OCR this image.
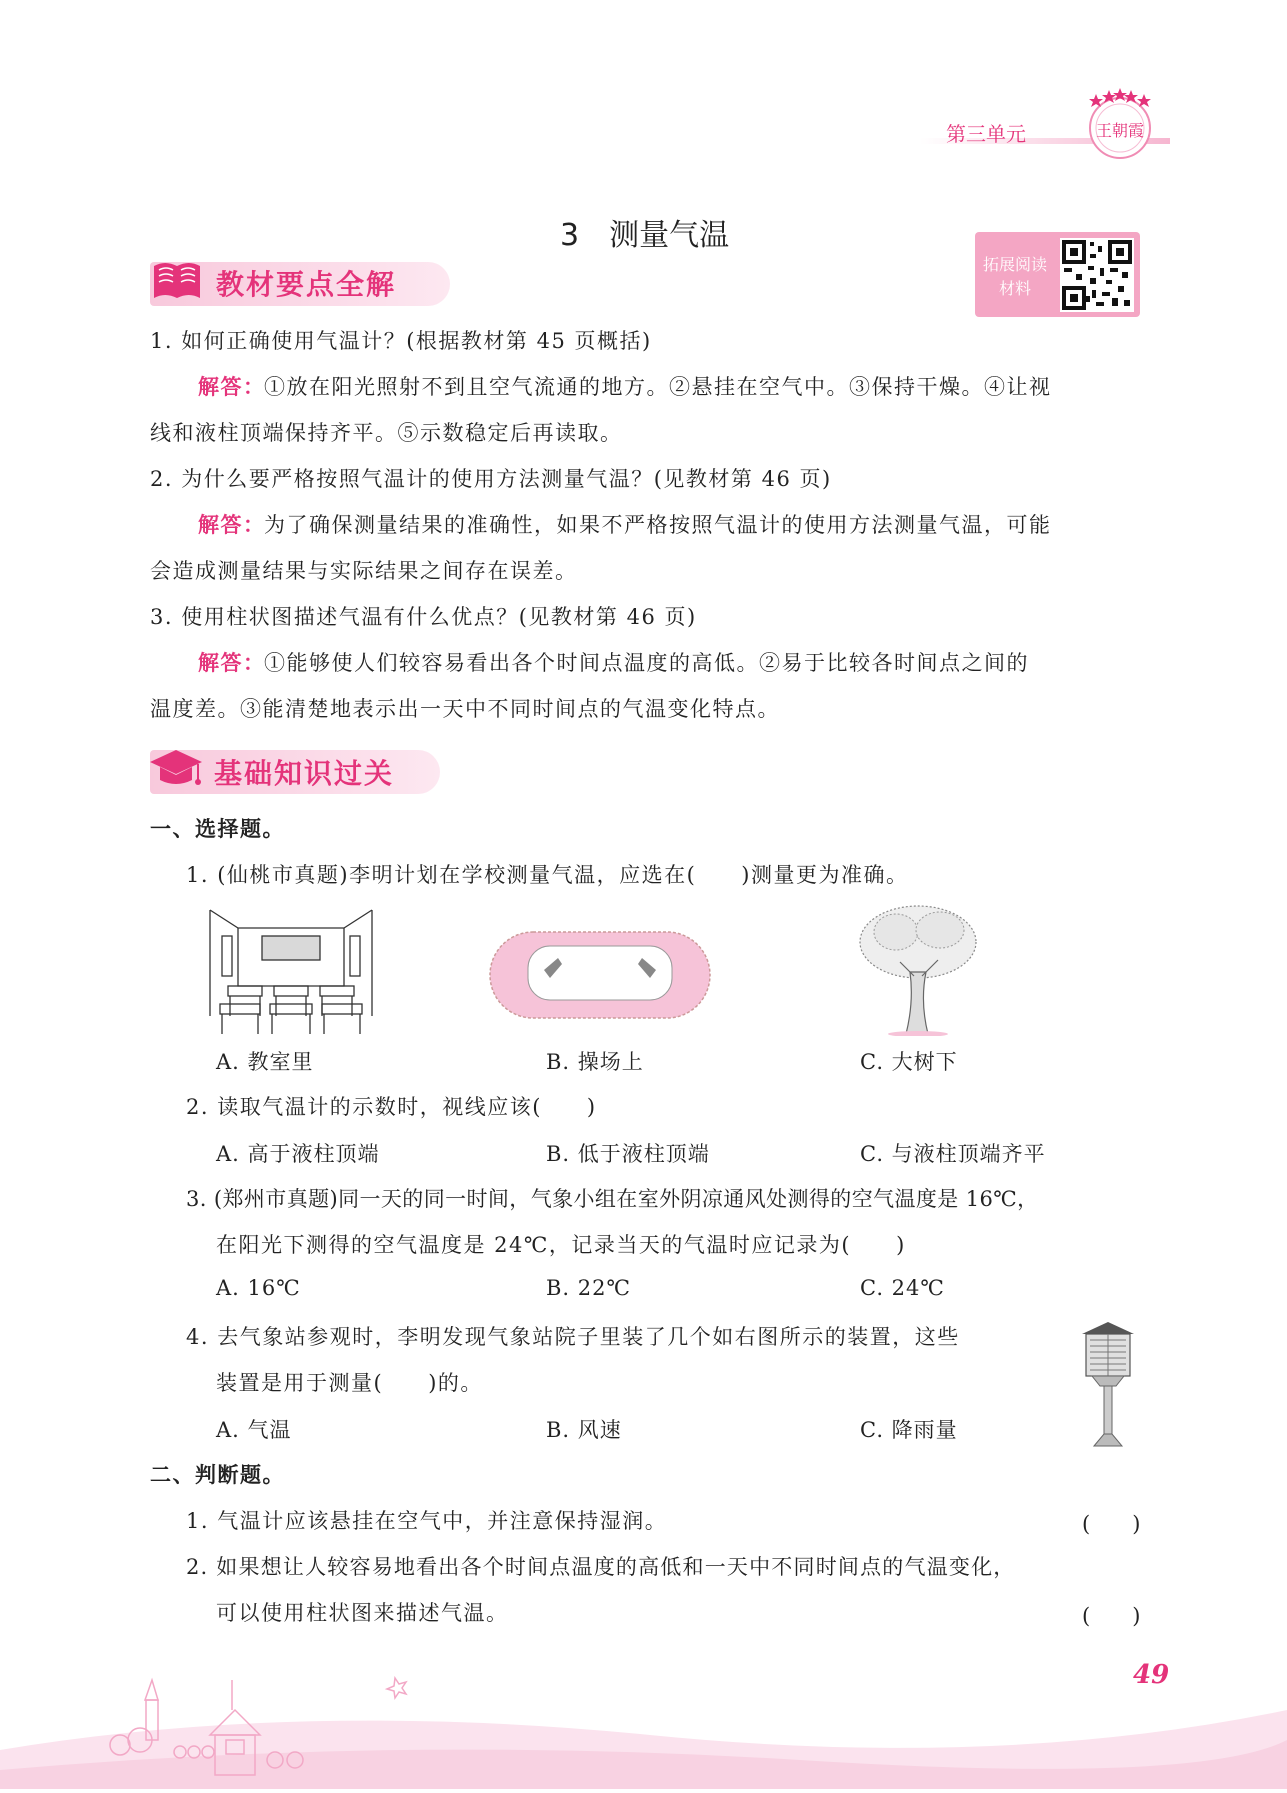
第三单元	王朝霞
3　测量气温
拓展阅读
材料
教材要点全解
1. 如何正确使用气温计？(根据教材第 45 页概括)
解答：
①放在阳光照射不到且空气流通的地方。②悬挂在空气中。③保持干燥。④让视
线和液柱顶端保持齐平。⑤示数稳定后再读取。
2. 为什么要严格按照气温计的使用方法测量气温？(见教材第 46 页)
解答：
为了确保测量结果的准确性，如果不严格按照气温计的使用方法测量气温，可能
会造成测量结果与实际结果之间存在误差。
3. 使用柱状图描述气温有什么优点？(见教材第 46 页)
解答：
①能够使人们较容易看出各个时间点温度的高低。②易于比较各时间点之间的
温度差。③能清楚地表示出一天中不同时间点的气温变化特点。
基础知识过关
一、选择题。
1. (仙桃市真题)李明计划在学校测量气温，应选在(　　)测量更为准确。
A. 教室里	B. 操场上	C. 大树下
2. 读取气温计的示数时，视线应该(　　)
A. 高于液柱顶端	B. 低于液柱顶端	C. 与液柱顶端齐平
3. (郑州市真题)同一天的同一时间，气象小组在室外阴凉通风处测得的空气温度是 16℃，
在阳光下测得的空气温度是 24℃，记录当天的气温时应记录为(　　)
A. 16℃	B. 22℃	C. 24℃
4. 去气象站参观时，李明发现气象站院子里装了几个如右图所示的装置，这些
装置是用于测量(　　)的。
A. 气温	B. 风速	C. 降雨量
二、判断题。
1. 气温计应该悬挂在空气中，并注意保持湿润。	(　　)
2. 如果想让人较容易地看出各个时间点温度的高低和一天中不同时间点的气温变化，
可以使用柱状图来描述气温。	(　　)
49
